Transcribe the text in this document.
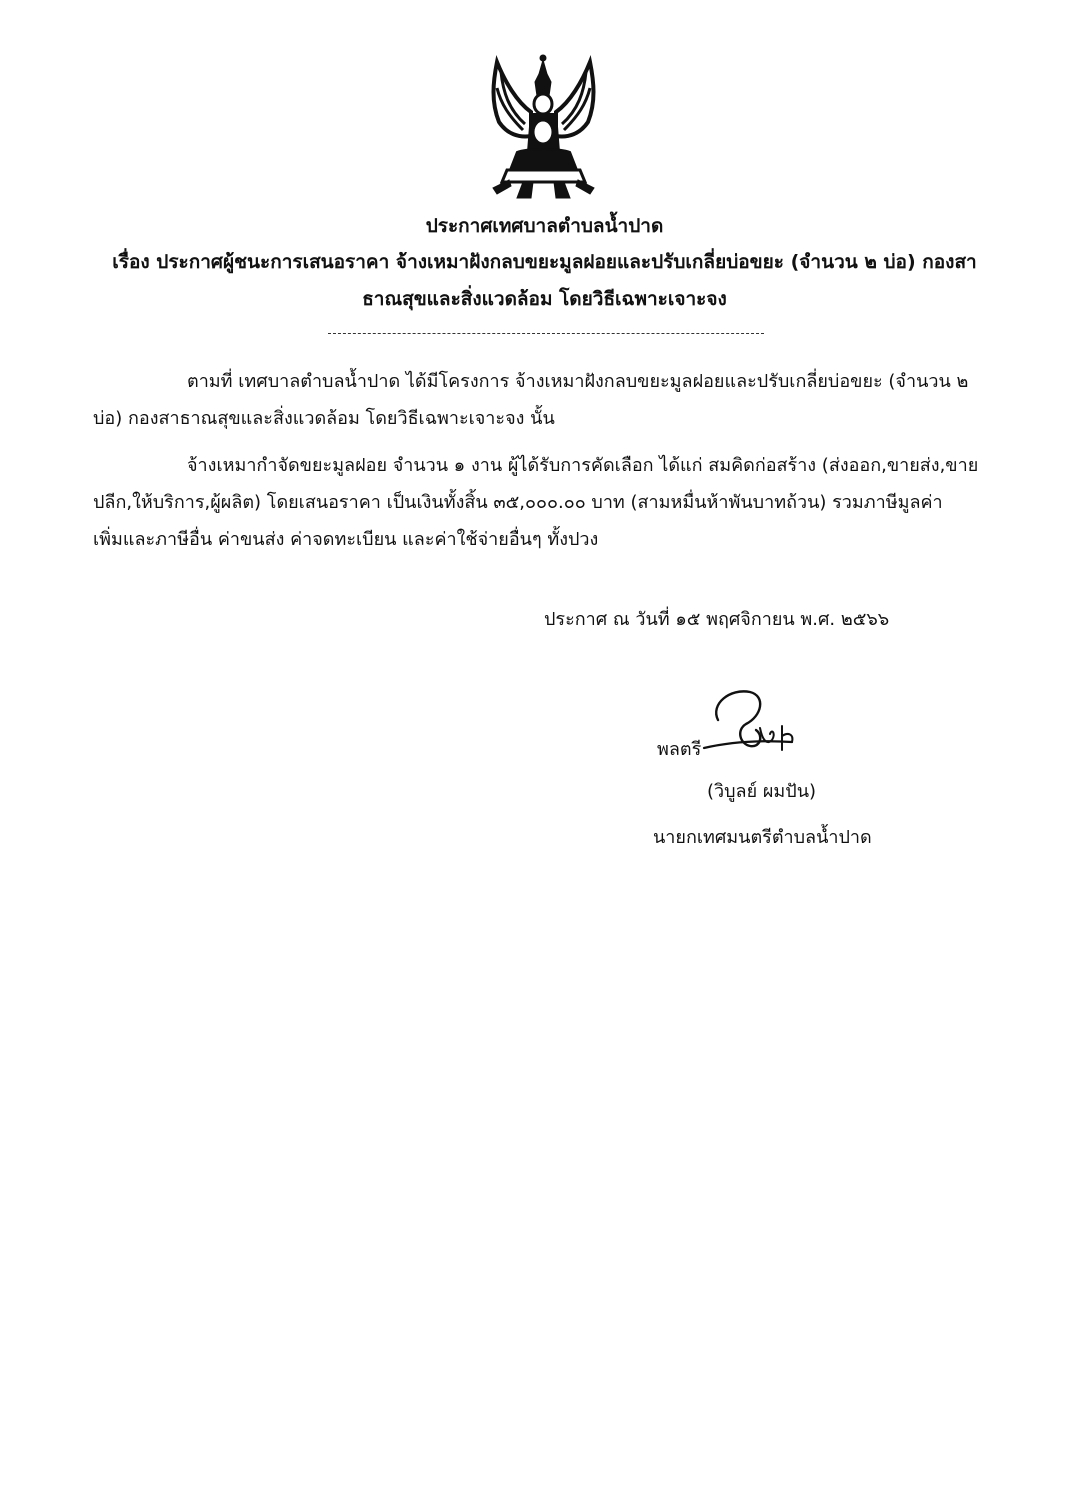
ประกาศเทศบาลตำบลน้ำปาด
เรื่อง ประกาศผู้ชนะการเสนอราคา จ้างเหมาฝังกลบขยะมูลฝอยและปรับเกลี่ยบ่อขยะ (จำนวน ๒ บ่อ) กองสา
ธาณสุขและสิ่งแวดล้อม โดยวิธีเฉพาะเจาะจง
ตามที่ เทศบาลตำบลน้ำปาด ได้มีโครงการ จ้างเหมาฝังกลบขยะมูลฝอยและปรับเกลี่ยบ่อขยะ (จำนวน ๒
บ่อ) กองสาธาณสุขและสิ่งแวดล้อม โดยวิธีเฉพาะเจาะจง นั้น
จ้างเหมากำจัดขยะมูลฝอย จำนวน ๑ งาน ผู้ได้รับการคัดเลือก ได้แก่ สมคิดก่อสร้าง (ส่งออก,ขายส่ง,ขาย
ปลีก,ให้บริการ,ผู้ผลิต) โดยเสนอราคา เป็นเงินทั้งสิ้น ๓๕,๐๐๐.๐๐ บาท (สามหมื่นห้าพันบาทถ้วน) รวมภาษีมูลค่า
เพิ่มและภาษีอื่น ค่าขนส่ง ค่าจดทะเบียน และค่าใช้จ่ายอื่นๆ ทั้งปวง
ประกาศ ณ วันที่ ๑๕ พฤศจิกายน พ.ศ. ๒๕๖๖
พลตรี
(วิบูลย์ ผมปัน)
นายกเทศมนตรีตำบลน้ำปาด
